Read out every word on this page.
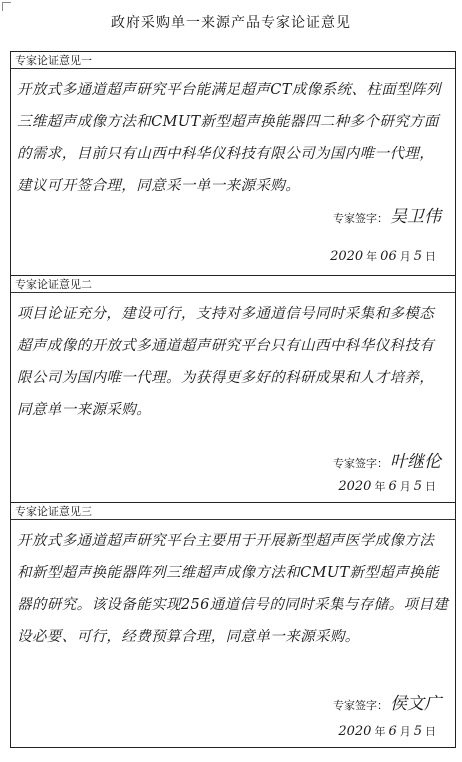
政府采购单一来源产品专家论证意见
专家论证意见一
开放式多通道超声研究平台能满足超声CT成像系统、柱面型阵列三维超声成像方法和CMUT新型超声换能器四二种多个研究方面的需求，目前只有山西中科华仪科技有限公司为国内唯一代理，建议可开签合理，同意采一单一来源采购。
专家签字： 吴卫伟
2020 年 06 月 5 日
专家论证意见二
项目论证充分，建设可行，支持对多通道信号同时采集和多模态超声成像的开放式多通道超声研究平台只有山西中科华仪科技有限公司为国内唯一代理。为获得更多好的科研成果和人才培养，同意单一来源采购。
专家签字： 叶继伦
2020 年 6 月 5 日
专家论证意见三
开放式多通道超声研究平台主要用于开展新型超声医学成像方法和新型超声换能器阵列三维超声成像方法和CMUT新型超声换能器的研究。该设备能实现256通道信号的同时采集与存储。项目建设必要、可行，经费预算合理，同意单一来源采购。
专家签字： 侯文广
2020 年 6 月 5 日
